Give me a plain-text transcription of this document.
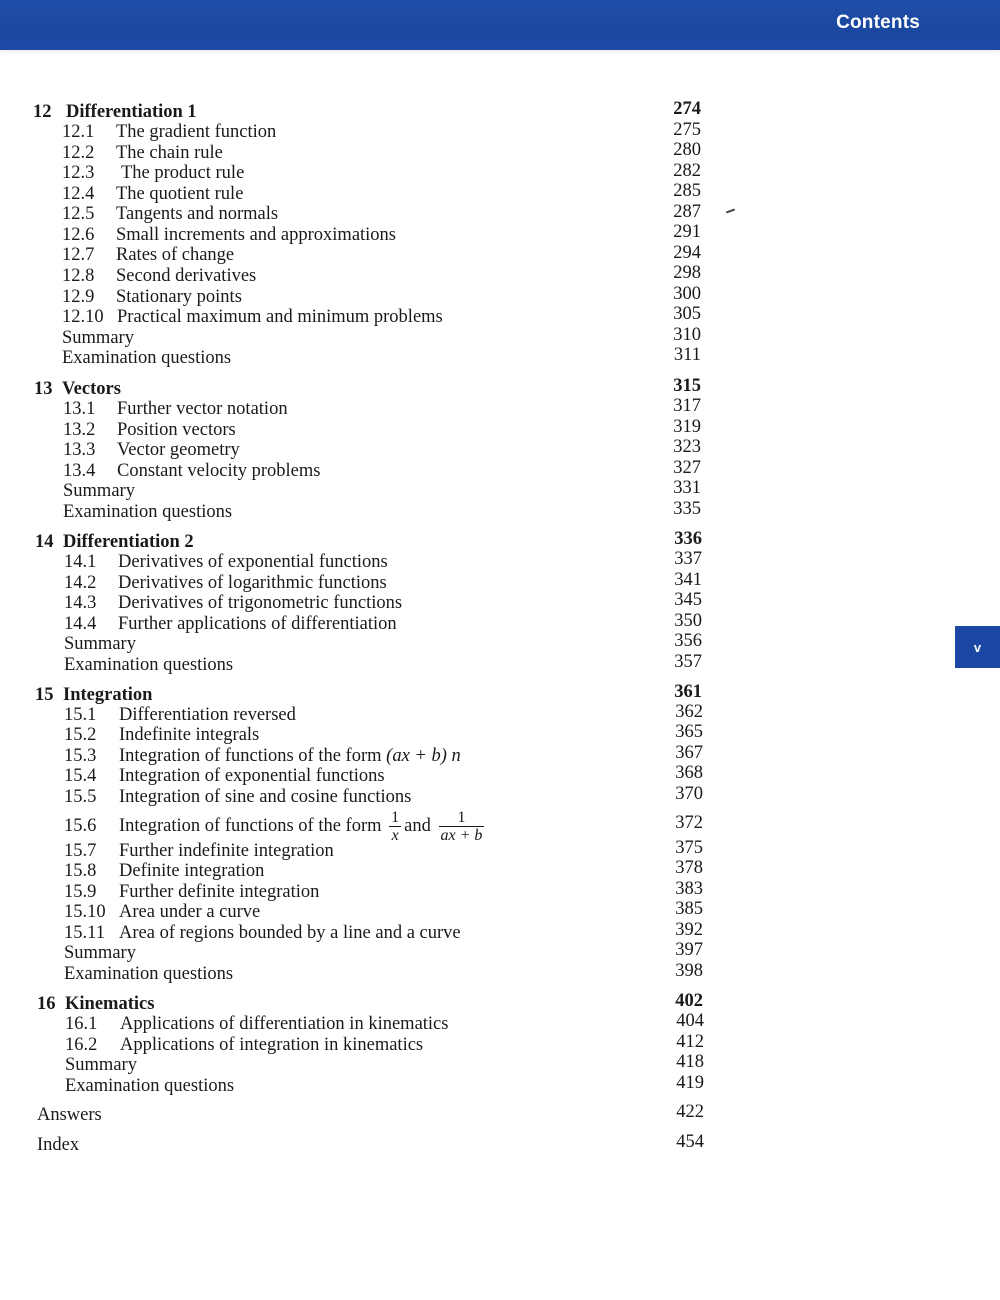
Contents
v
12 Differentiation 1	274
12.1 The gradient function	275
12.2 The chain rule	280
12.3 The product rule	282
12.4 The quotient rule	285
12.5 Tangents and normals	287
12.6 Small increments and approximations	291
12.7 Rates of change	294
12.8 Second derivatives	298
12.9 Stationary points	300
12.10 Practical maximum and minimum problems	305
Summary	310
Examination questions	311
13 Vectors	315
13.1 Further vector notation	317
13.2 Position vectors	319
13.3 Vector geometry	323
13.4 Constant velocity problems	327
Summary	331
Examination questions	335
14 Differentiation 2	336
14.1 Derivatives of exponential functions	337
14.2 Derivatives of logarithmic functions	341
14.3 Derivatives of trigonometric functions	345
14.4 Further applications of differentiation	350
Summary	356
Examination questions	357
15 Integration	361
15.1 Differentiation reversed	362
15.2 Indefinite integrals	365
15.3 Integration of functions of the form (ax + b) n	367
15.4 Integration of exponential functions	368
15.5 Integration of sine and cosine functions	370
15.6 Integration of functions of the form $\frac{1}{x}$ and $\frac{1}{ax + b}$	372
15.7 Further indefinite integration	375
15.8 Definite integration	378
15.9 Further definite integration	383
15.10 Area under a curve	385
15.11 Area of regions bounded by a line and a curve	392
Summary	397
Examination questions	398
16 Kinematics	402
16.1 Applications of differentiation in kinematics	404
16.2 Applications of integration in kinematics	412
Summary	418
Examination questions	419
Answers	422
Index	454
